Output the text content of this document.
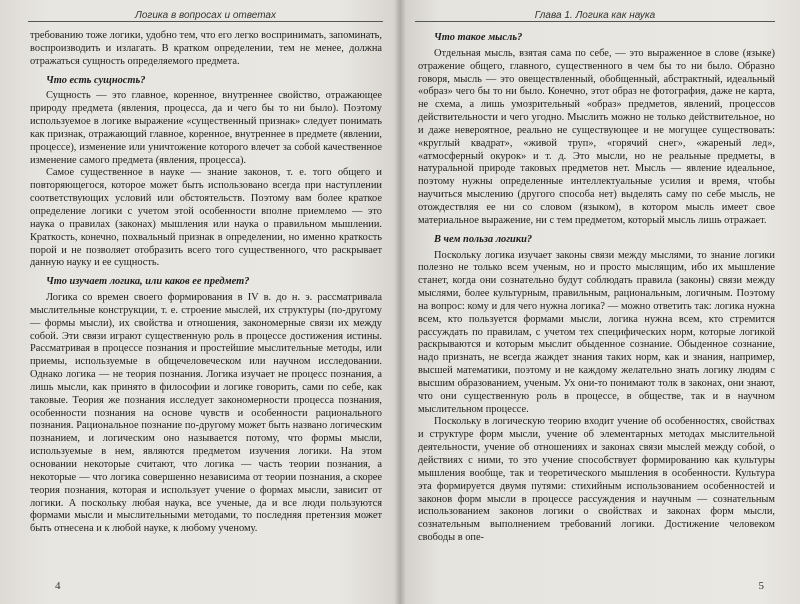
Логика в вопросах и ответах

требованию тоже логики, удобно тем, что его легко воспринимать, запоминать, воспроизводить и излагать. В кратком определении, тем не менее, должна отражаться сущность определяемого предмета.

Что есть сущность?

Сущность — это главное, коренное, внутреннее свойство, отражающее природу предмета (явления, процесса, да и чего бы то ни было). Поэтому используемое в логике выражение «существенный признак» следует понимать как признак, отражающий главное, коренное, внутреннее в предмете (явлении, процессе), изменение или уничтожение которого влечет за собой качественное изменение самого предмета (явления, процесса).

Самое существенное в науке — знание законов, т. е. того общего и повторяющегося, которое может быть использовано всегда при наступлении соответствующих условий или обстоятельств. Поэтому вам более краткое определение логики с учетом этой особенности вполне приемлемо — это наука о правилах (законах) мышления или наука о правильном мышлении. Краткость, конечно, похвальный признак в определении, но именно краткость порой и не позволяет отобразить всего того существенного, что раскрывает данную науку и ее сущность.

Что изучает логика, или каков ее предмет?

Логика со времен своего формирования в IV в. до н. э. рассматривала мыслительные конструкции, т. е. строение мыслей, их структуры (по-другому — формы мысли), их свойства и отношения, закономерные связи их между собой. Эти связи играют существенную роль в процессе достижения истины. Рассматривая в процессе познания и простейшие мыслительные методы, или приемы, используемые в общечеловеческом или научном исследовании. Однако логика — не теория познания. Логика изучает не процесс познания, а лишь мысли, как принято в философии и логике говорить, сами по себе, как таковые. Теория же познания исследует закономерности процесса познания, особенности познания на основе чувств и особенности рационального познания. Рациональное познание по-другому может быть названо логическим познанием, и логическим оно называется потому, что формы мысли, используемые в нем, являются предметом изучения логики. На этом основании некоторые считают, что логика — часть теории познания, а некоторые — что логика совершенно независима от теории познания, а скорее теория познания, которая и использует учение о формах мысли, зависит от логики. А поскольку любая наука, все ученые, да и все люди пользуются формами мысли и мыслительными методами, то последняя претензия может быть отнесена и к любой науке, к любому ученому.

4
Глава 1. Логика как наука
Что такое мысль?

Отдельная мысль, взятая сама по себе, — это выраженное в слове (языке) отражение общего, главного, существенного в чем бы то ни было. Образно говоря, мысль — это овеществленный, обобщенный, абстрактный, идеальный «образ» чего бы то ни было. Конечно, этот образ не фотография, даже не карта, не схема, а лишь умозрительный «образ» предметов, явлений, процессов действительности и чего угодно. Мыслить можно не только действительное, но и даже невероятное, реально не существующее и не могущее существовать: «круглый квадрат», «живой труп», «горячий снег», «жареный лед», «атмосферный окурок» и т. д. Это мысли, но не реальные предметы, в натуральной природе таковых предметов нет. Мысль — явление идеальное, поэтому нужны определенные интеллектуальные усилия и время, чтобы научиться мыслению (другого способа нет) выделять саму по себе мысль, не отождествляя ее ни со словом (языком), в котором мысль имеет свое материальное выражение, ни с тем предметом, который мысль лишь отражает.

В чем польза логики?

Поскольку логика изучает законы связи между мыслями, то знание логики полезно не только всем ученым, но и просто мыслящим, ибо их мышление станет, когда они сознательно будут соблюдать правила (законы) связи между мыслями, более культурным, правильным, рациональным, логичным. Поэтому на вопрос: кому и для чего нужна логика? — можно ответить так: логика нужна всем, кто пользуется формами мысли, логика нужна всем, кто стремится рассуждать по правилам, с учетом тех специфических норм, которые логикой раскрываются и которым мыслит обыденное сознание. Обыденное сознание, надо признать, не всегда жаждет знания таких норм, как и знания, например, высшей математики, поэтому и не каждому желательно знать логику людям с высшим образованием, ученым. Ух они-то понимают толк в законах, они знают, что они существенную роль в процессе, в обществе, так и в научном мыслительном процессе.

Поскольку в логическую теорию входит учение об особенностях, свойствах и структуре форм мысли, учение об элементарных методах мыслительной деятельности, учение об отношениях и законах связи мыслей между собой, о действиях с ними, то это учение способствует формированию как культуры мышления вообще, так и теоретического мышления в особенности. Культура эта формируется двумя путями: стихийным использованием особенностей и законов форм мысли в процессе рассуждения и научным — сознательным использованием законов логики о свойствах и законах форм мысли, сознательным выполнением требований логики. Достижение человеком свободы в опе-

5
